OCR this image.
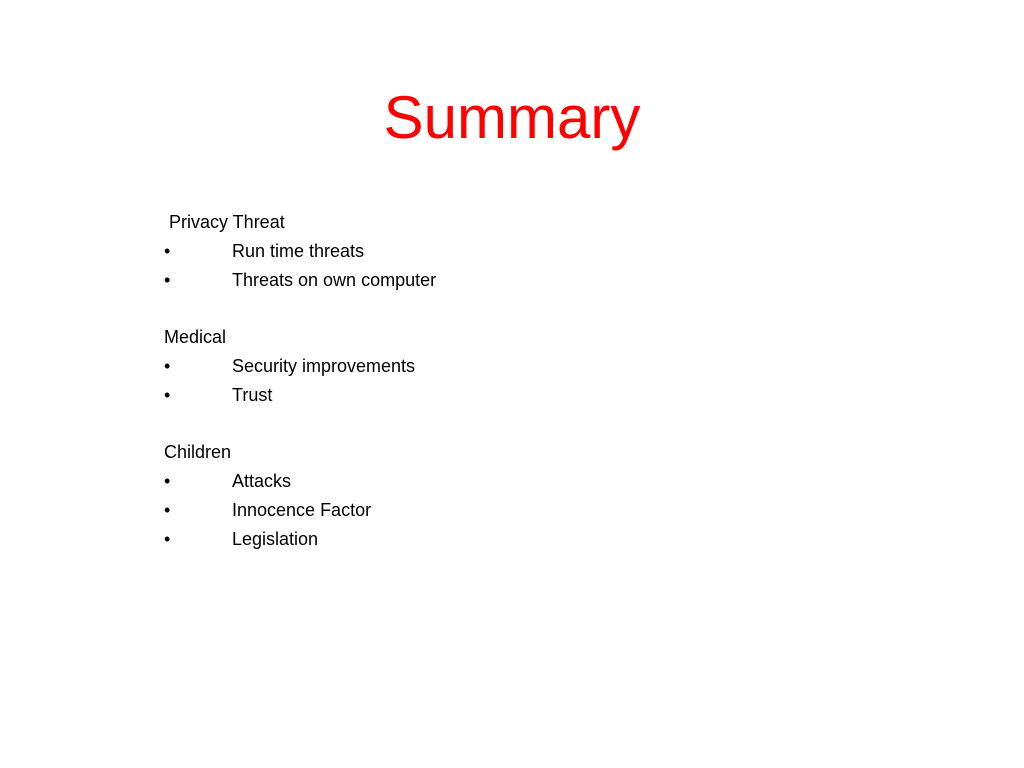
Summary
Privacy Threat
•	Run time threats
•	Threats on own computer
Medical
•	Security improvements
•	Trust
Children
•	Attacks
•	Innocence Factor
•	Legislation
